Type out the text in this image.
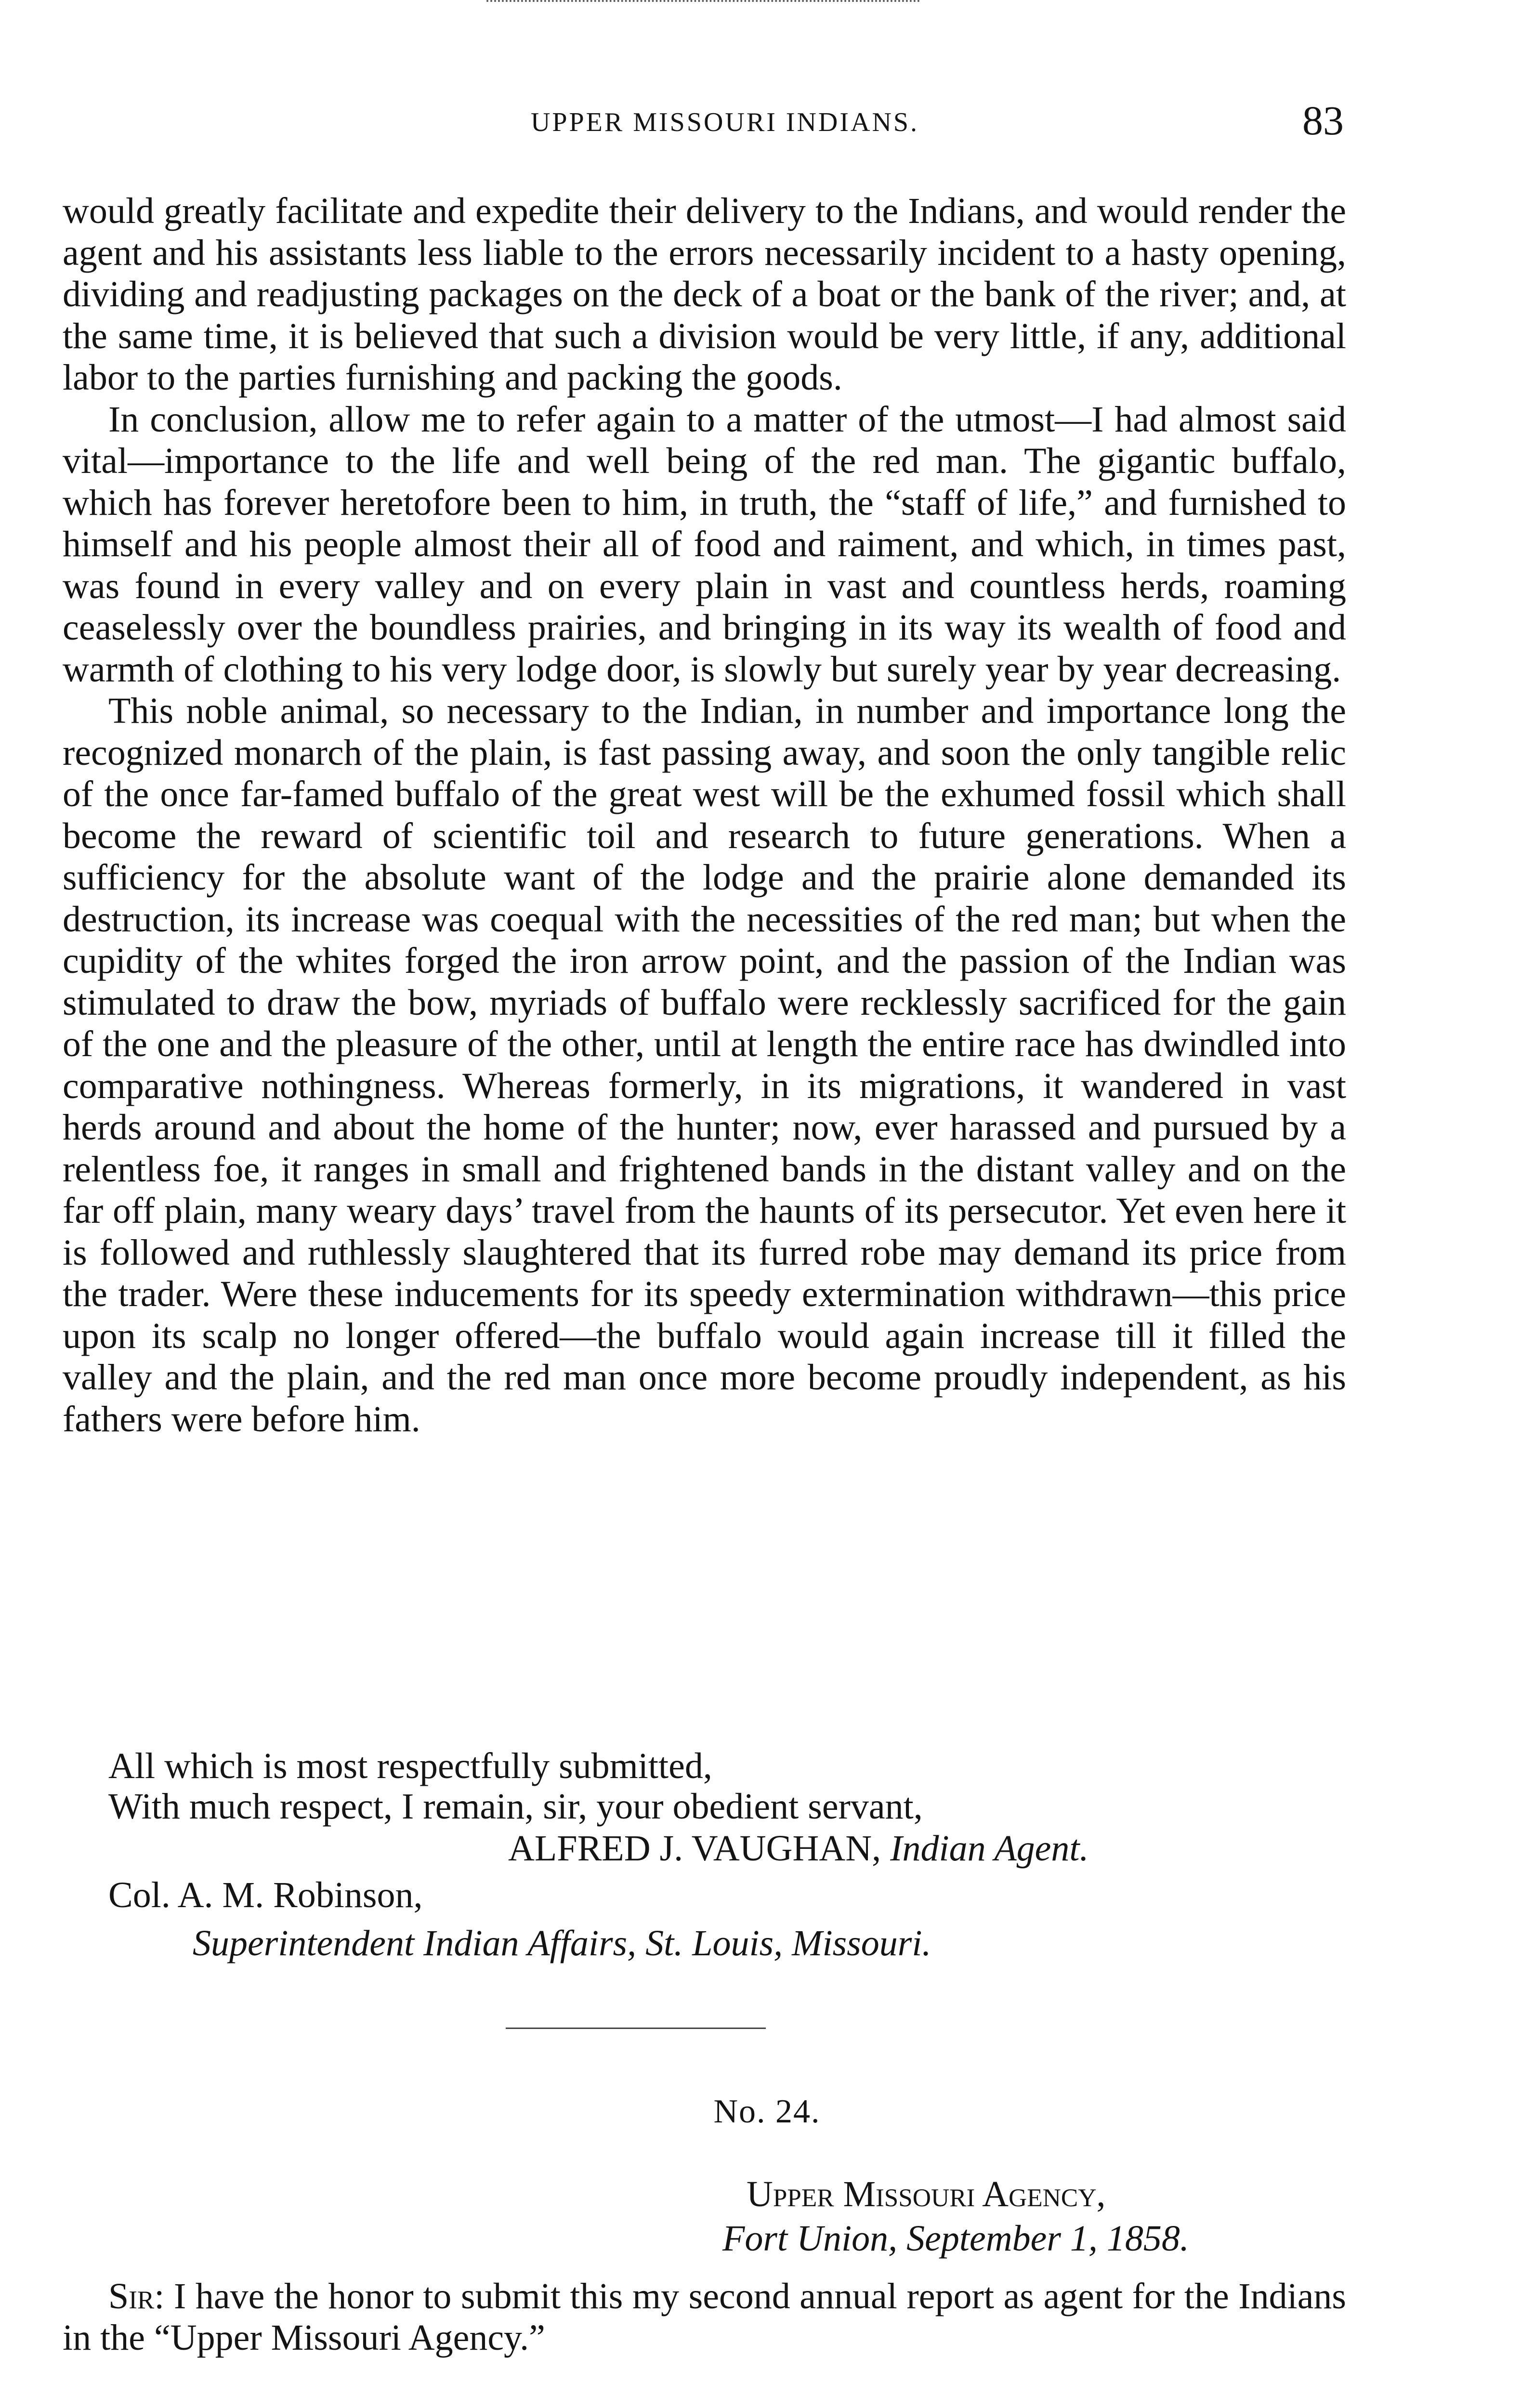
UPPER MISSOURI INDIANS.	83

would greatly facilitate and expedite their delivery to the Indians, and would render the agent and his assistants less liable to the errors necessarily incident to a hasty opening, dividing and readjusting packages on the deck of a boat or the bank of the river; and, at the same time, it is believed that such a division would be very little, if any, additional labor to the parties furnishing and packing the goods.

In conclusion, allow me to refer again to a matter of the utmost—I had almost said vital—importance to the life and well being of the red man. The gigantic buffalo, which has forever heretofore been to him, in truth, the “staff of life,” and furnished to himself and his people almost their all of food and raiment, and which, in times past, was found in every valley and on every plain in vast and countless herds, roaming ceaselessly over the boundless prairies, and bringing in its way its wealth of food and warmth of clothing to his very lodge door, is slowly but surely year by year decreasing.

This noble animal, so necessary to the Indian, in number and importance long the recognized monarch of the plain, is fast passing away, and soon the only tangible relic of the once far-famed buffalo of the great west will be the exhumed fossil which shall become the reward of scientific toil and research to future generations. When a sufficiency for the absolute want of the lodge and the prairie alone demanded its destruction, its increase was coequal with the necessities of the red man; but when the cupidity of the whites forged the iron arrow point, and the passion of the Indian was stimulated to draw the bow, myriads of buffalo were recklessly sacrificed for the gain of the one and the pleasure of the other, until at length the entire race has dwindled into comparative nothingness. Whereas formerly, in its migrations, it wandered in vast herds around and about the home of the hunter; now, ever harassed and pursued by a relentless foe, it ranges in small and frightened bands in the distant valley and on the far off plain, many weary days’ travel from the haunts of its persecutor. Yet even here it is followed and ruthlessly slaughtered that its furred robe may demand its price from the trader. Were these inducements for its speedy extermination withdrawn—this price upon its scalp no longer offered—the buffalo would again increase till it filled the valley and the plain, and the red man once more become proudly independent, as his fathers were before him.

All which is most respectfully submitted,
With much respect, I remain, sir, your obedient servant,
ALFRED J. VAUGHAN, Indian Agent.
Col. A. M. Robinson,
Superintendent Indian Affairs, St. Louis, Missouri.
No. 24.
Upper Missouri Agency,
Fort Union, September 1, 1858.

Sir: I have the honor to submit this my second annual report as agent for the Indians in the “Upper Missouri Agency.”
